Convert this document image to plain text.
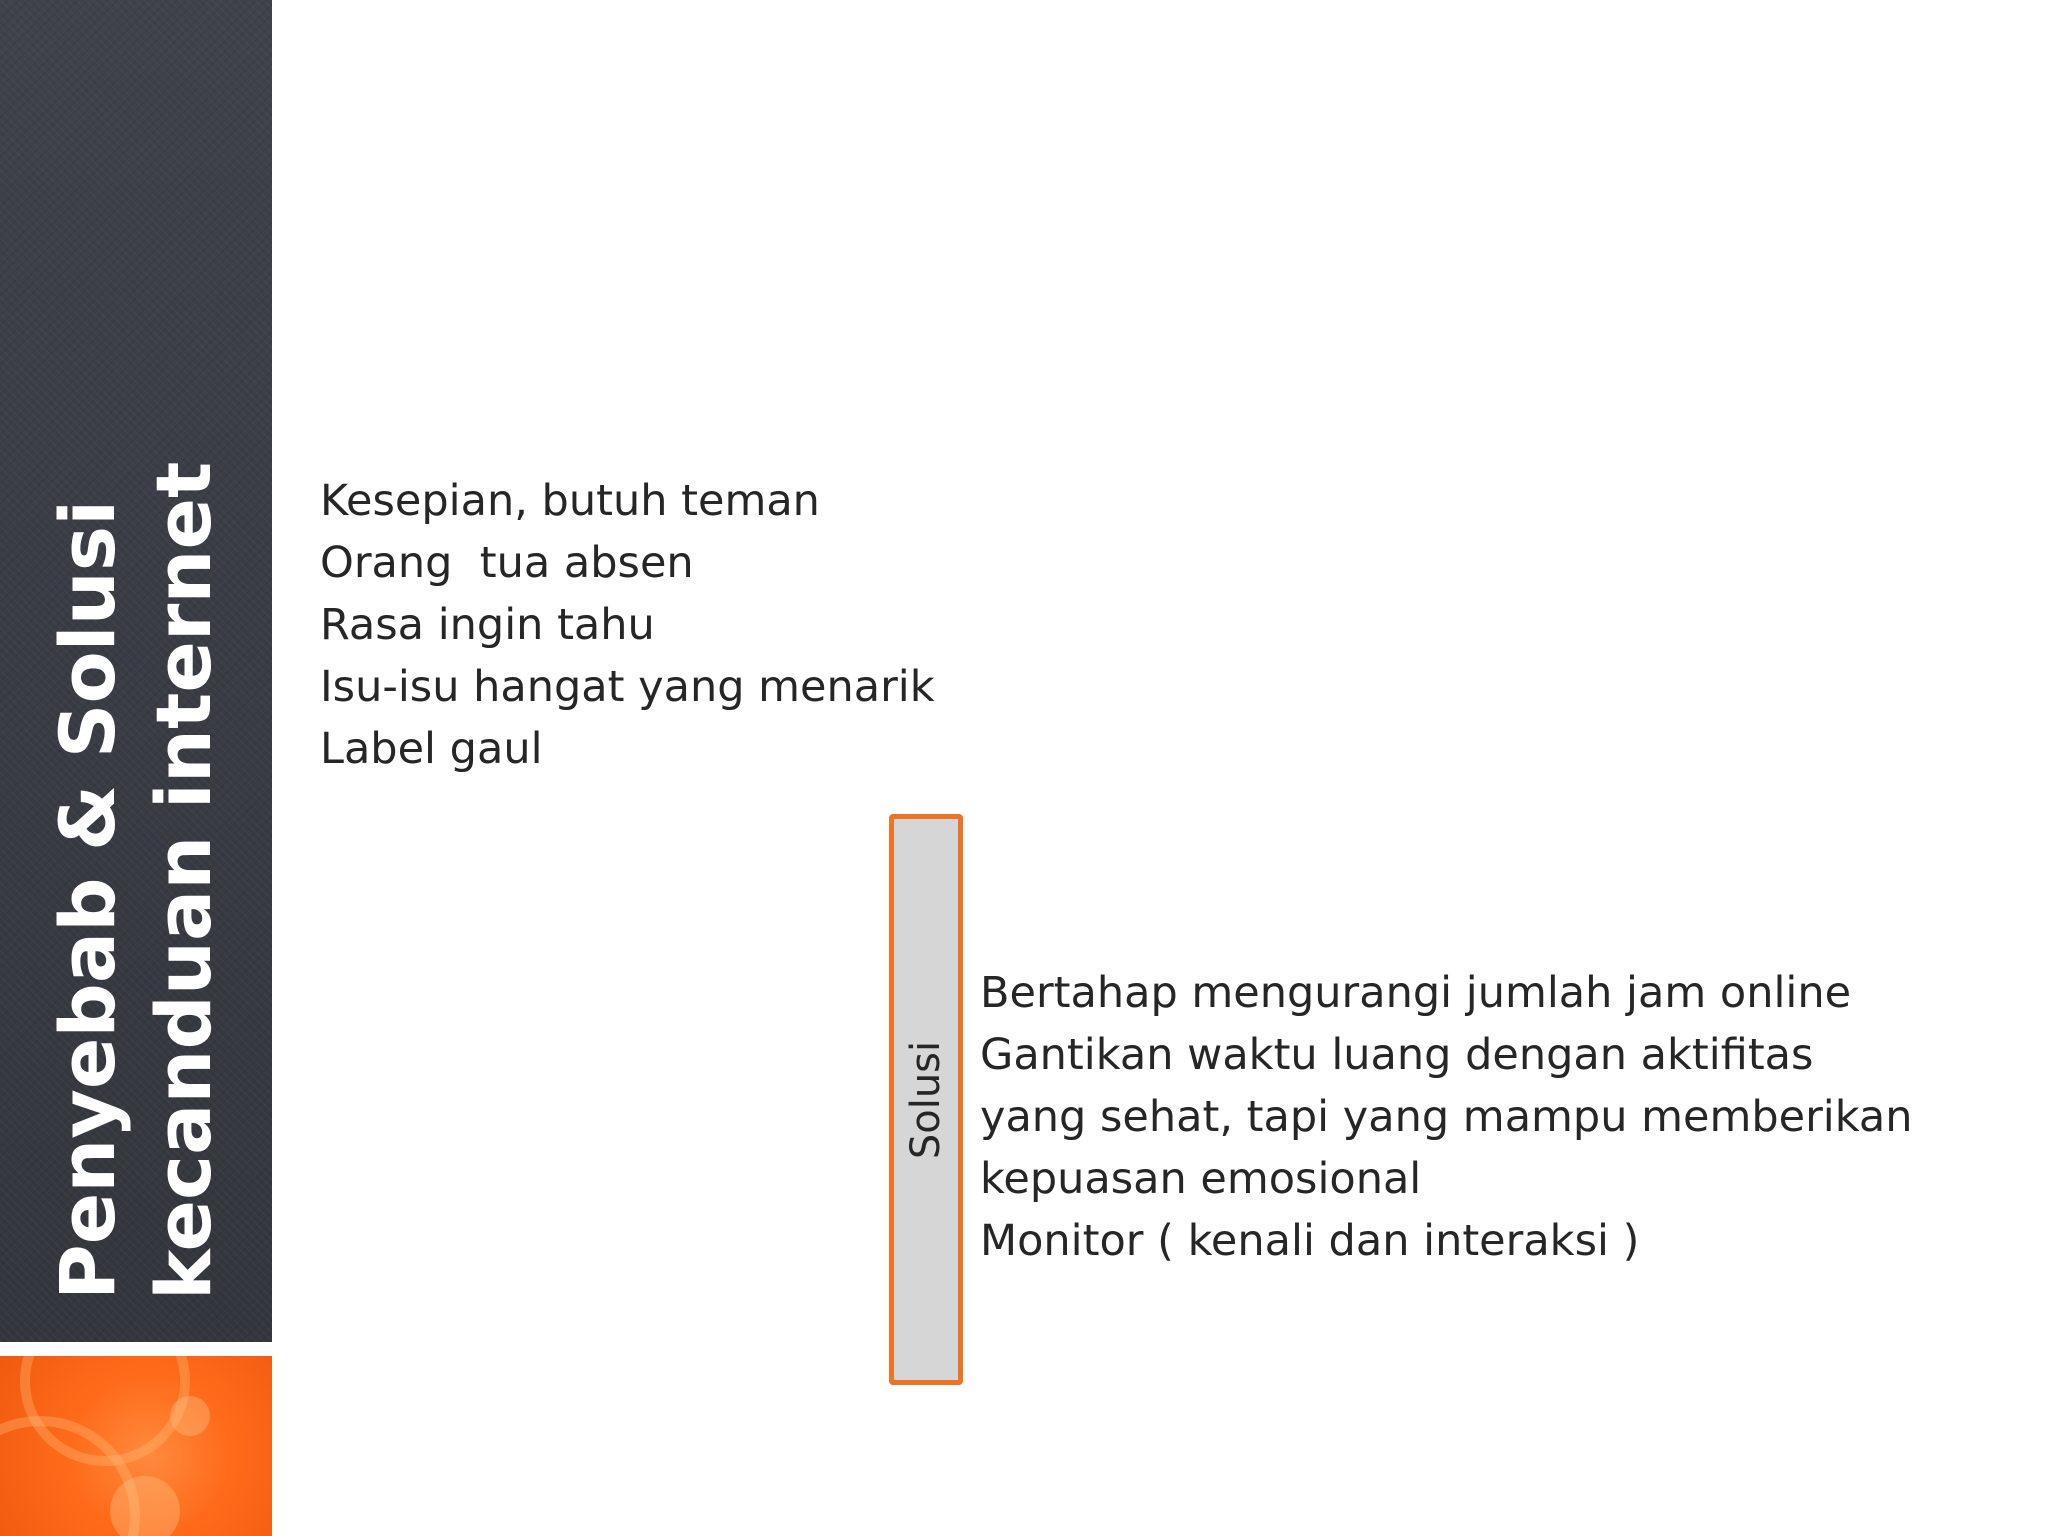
Penyebab & Solusi kecanduan internet Kesepian, butuh teman
Orang  tua absen
Rasa ingin tahu
Isu-isu hangat yang menarik
Label gaul
Solusi
Bertahap mengurangi jumlah jam online
Gantikan waktu luang dengan aktifitas yang sehat, tapi yang mampu memberikan kepuasan emosional
Monitor ( kenali dan interaksi )
